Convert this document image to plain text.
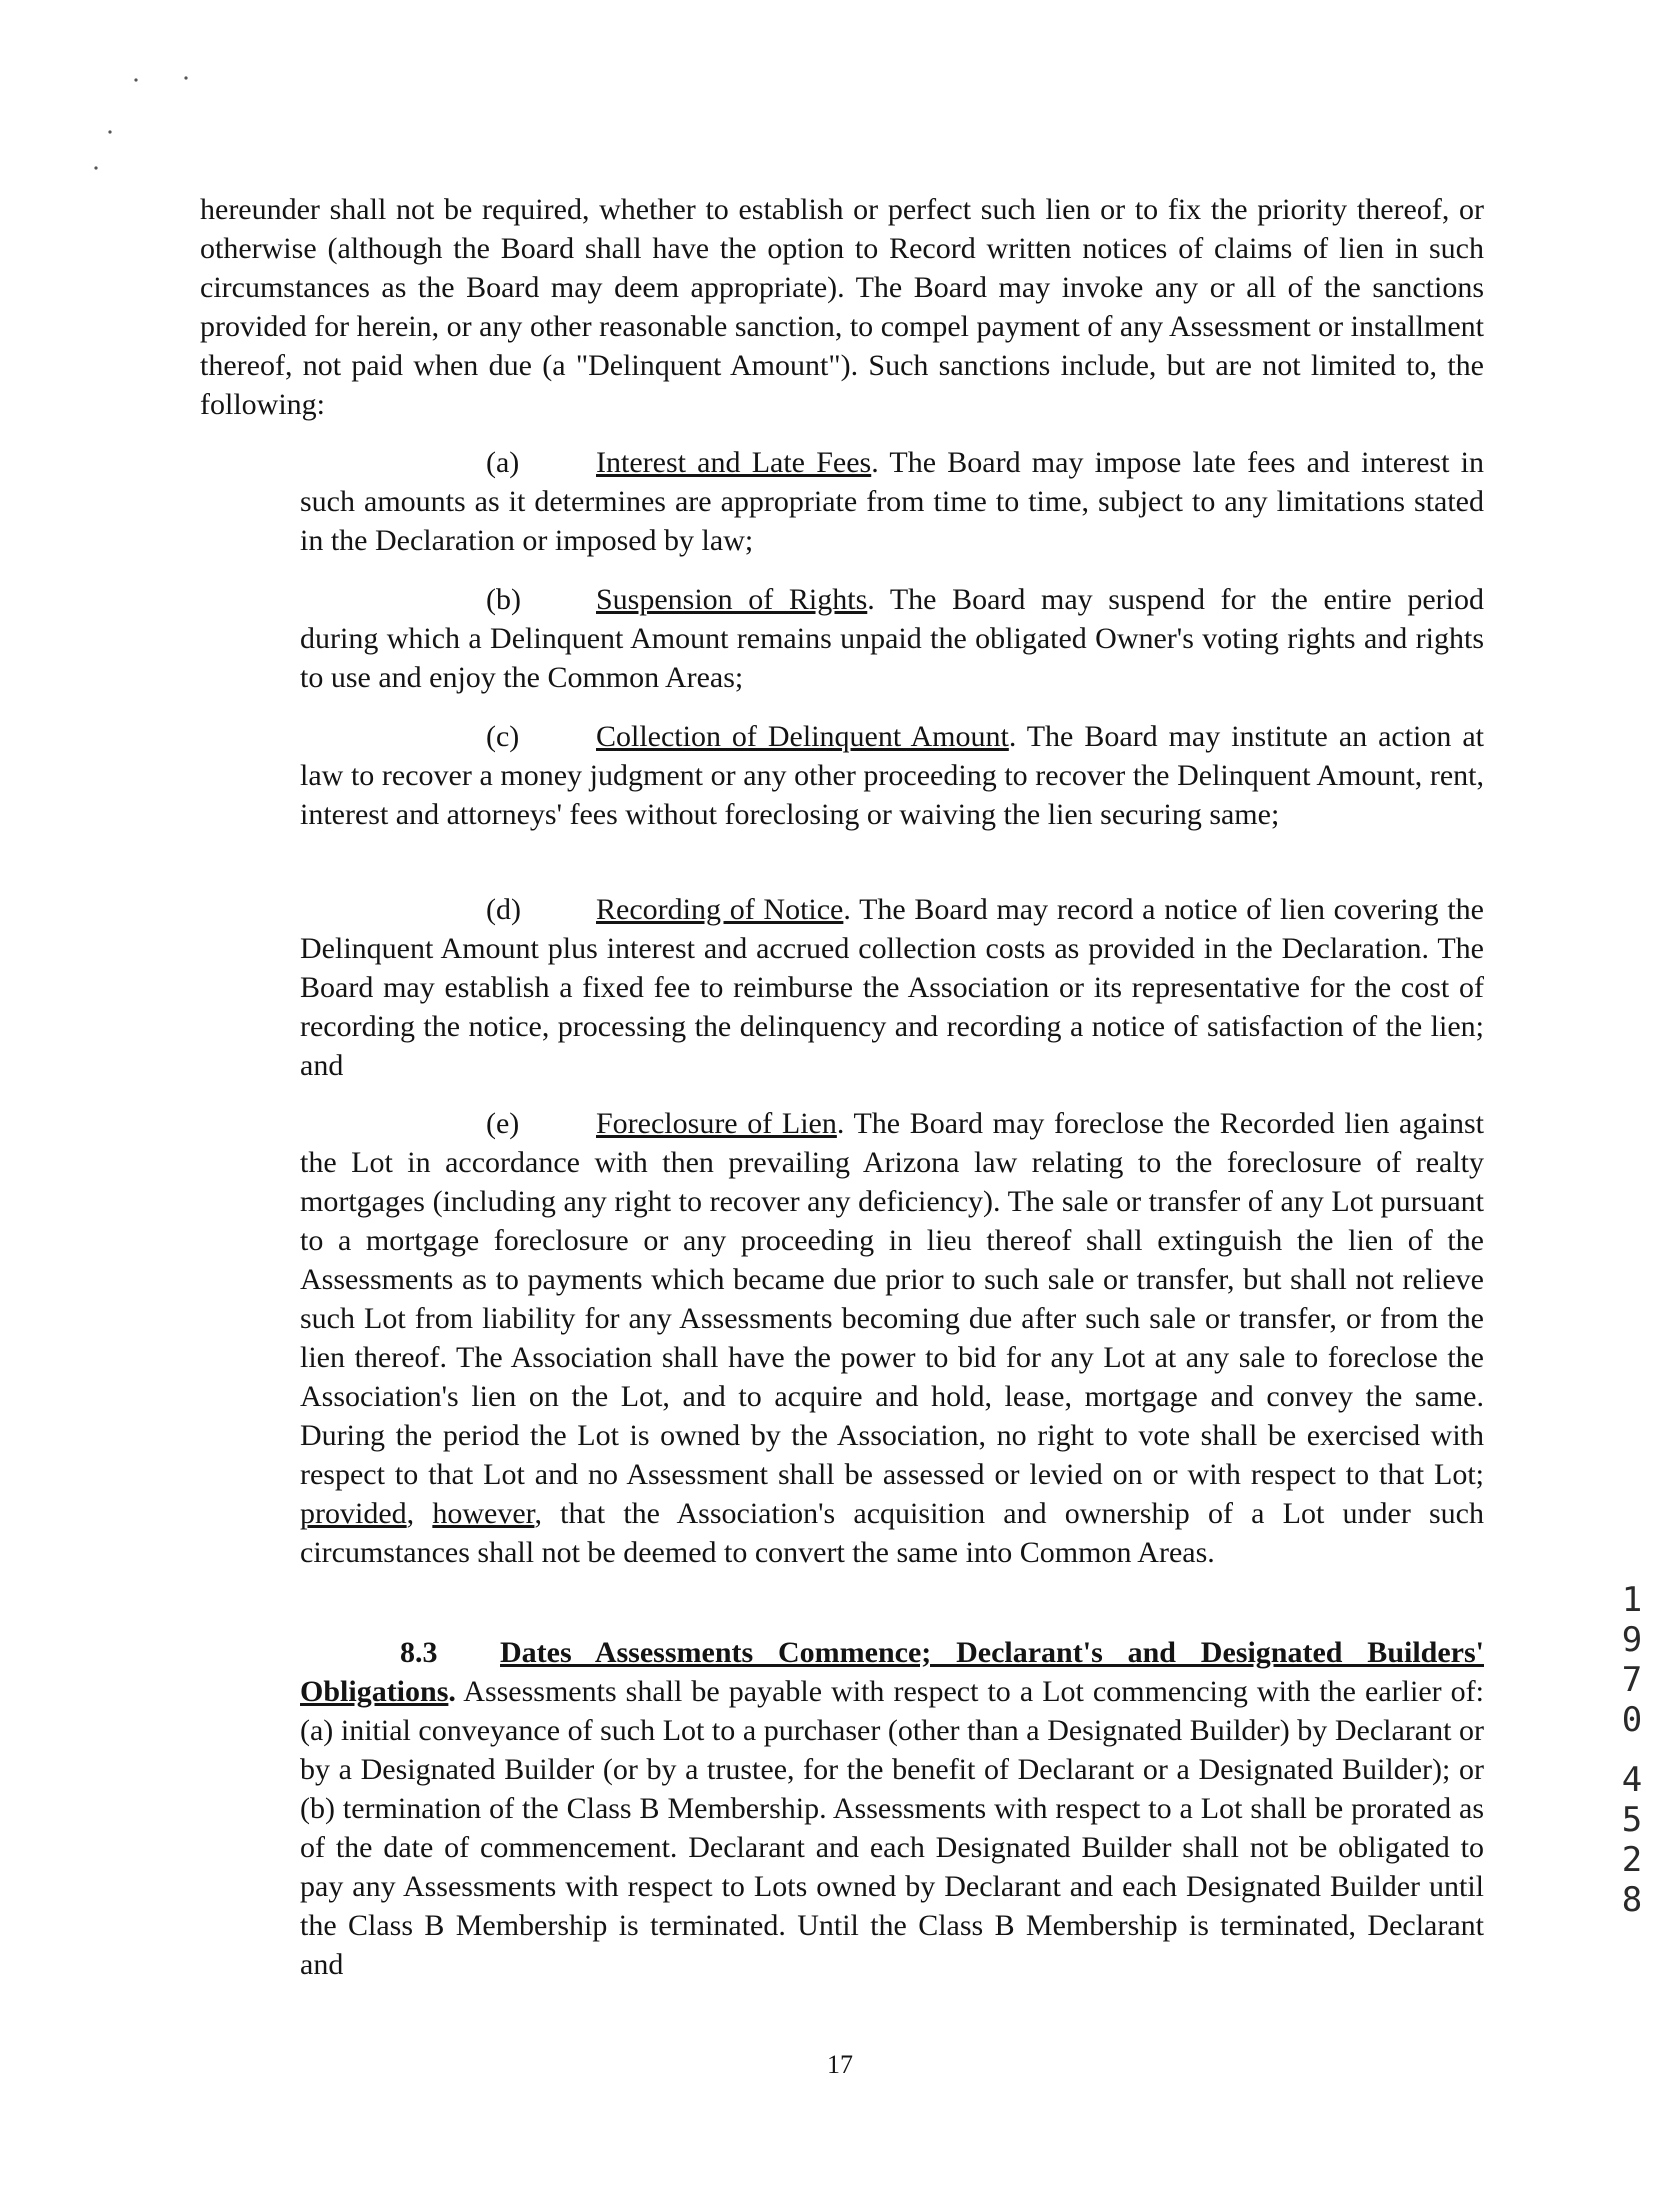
hereunder shall not be required, whether to establish or perfect such lien or to fix the priority thereof, or otherwise (although the Board shall have the option to Record written notices of claims of lien in such circumstances as the Board may deem appropriate). The Board may invoke any or all of the sanctions provided for herein, or any other reasonable sanction, to compel payment of any Assessment or installment thereof, not paid when due (a "Delinquent Amount"). Such sanctions include, but are not limited to, the following:

(a)	Interest and Late Fees. The Board may impose late fees and interest in such amounts as it determines are appropriate from time to time, subject to any limitations stated in the Declaration or imposed by law;

(b)	Suspension of Rights. The Board may suspend for the entire period during which a Delinquent Amount remains unpaid the obligated Owner's voting rights and rights to use and enjoy the Common Areas;

(c)	Collection of Delinquent Amount. The Board may institute an action at law to recover a money judgment or any other proceeding to recover the Delinquent Amount, rent, interest and attorneys' fees without foreclosing or waiving the lien securing same;

(d)	Recording of Notice. The Board may record a notice of lien covering the Delinquent Amount plus interest and accrued collection costs as provided in the Declaration. The Board may establish a fixed fee to reimburse the Association or its representative for the cost of recording the notice, processing the delinquency and recording a notice of satisfaction of the lien; and

(e)	Foreclosure of Lien. The Board may foreclose the Recorded lien against the Lot in accordance with then prevailing Arizona law relating to the foreclosure of realty mortgages (including any right to recover any deficiency). The sale or transfer of any Lot pursuant to a mortgage foreclosure or any proceeding in lieu thereof shall extinguish the lien of the Assessments as to payments which became due prior to such sale or transfer, but shall not relieve such Lot from liability for any Assessments becoming due after such sale or transfer, or from the lien thereof. The Association shall have the power to bid for any Lot at any sale to foreclose the Association's lien on the Lot, and to acquire and hold, lease, mortgage and convey the same. During the period the Lot is owned by the Association, no right to vote shall be exercised with respect to that Lot and no Assessment shall be assessed or levied on or with respect to that Lot; provided, however, that the Association's acquisition and ownership of a Lot under such circumstances shall not be deemed to convert the same into Common Areas.

8.3 Dates Assessments Commence; Declarant's and Designated Builders' Obligations. Assessments shall be payable with respect to a Lot commencing with the earlier of: (a) initial conveyance of such Lot to a purchaser (other than a Designated Builder) by Declarant or by a Designated Builder (or by a trustee, for the benefit of Declarant or a Designated Builder); or (b) termination of the Class B Membership. Assessments with respect to a Lot shall be prorated as of the date of commencement. Declarant and each Designated Builder shall not be obligated to pay any Assessments with respect to Lots owned by Declarant and each Designated Builder until the Class B Membership is terminated. Until the Class B Membership is terminated, Declarant and

1
9
7
0
4
5
2
8
17
